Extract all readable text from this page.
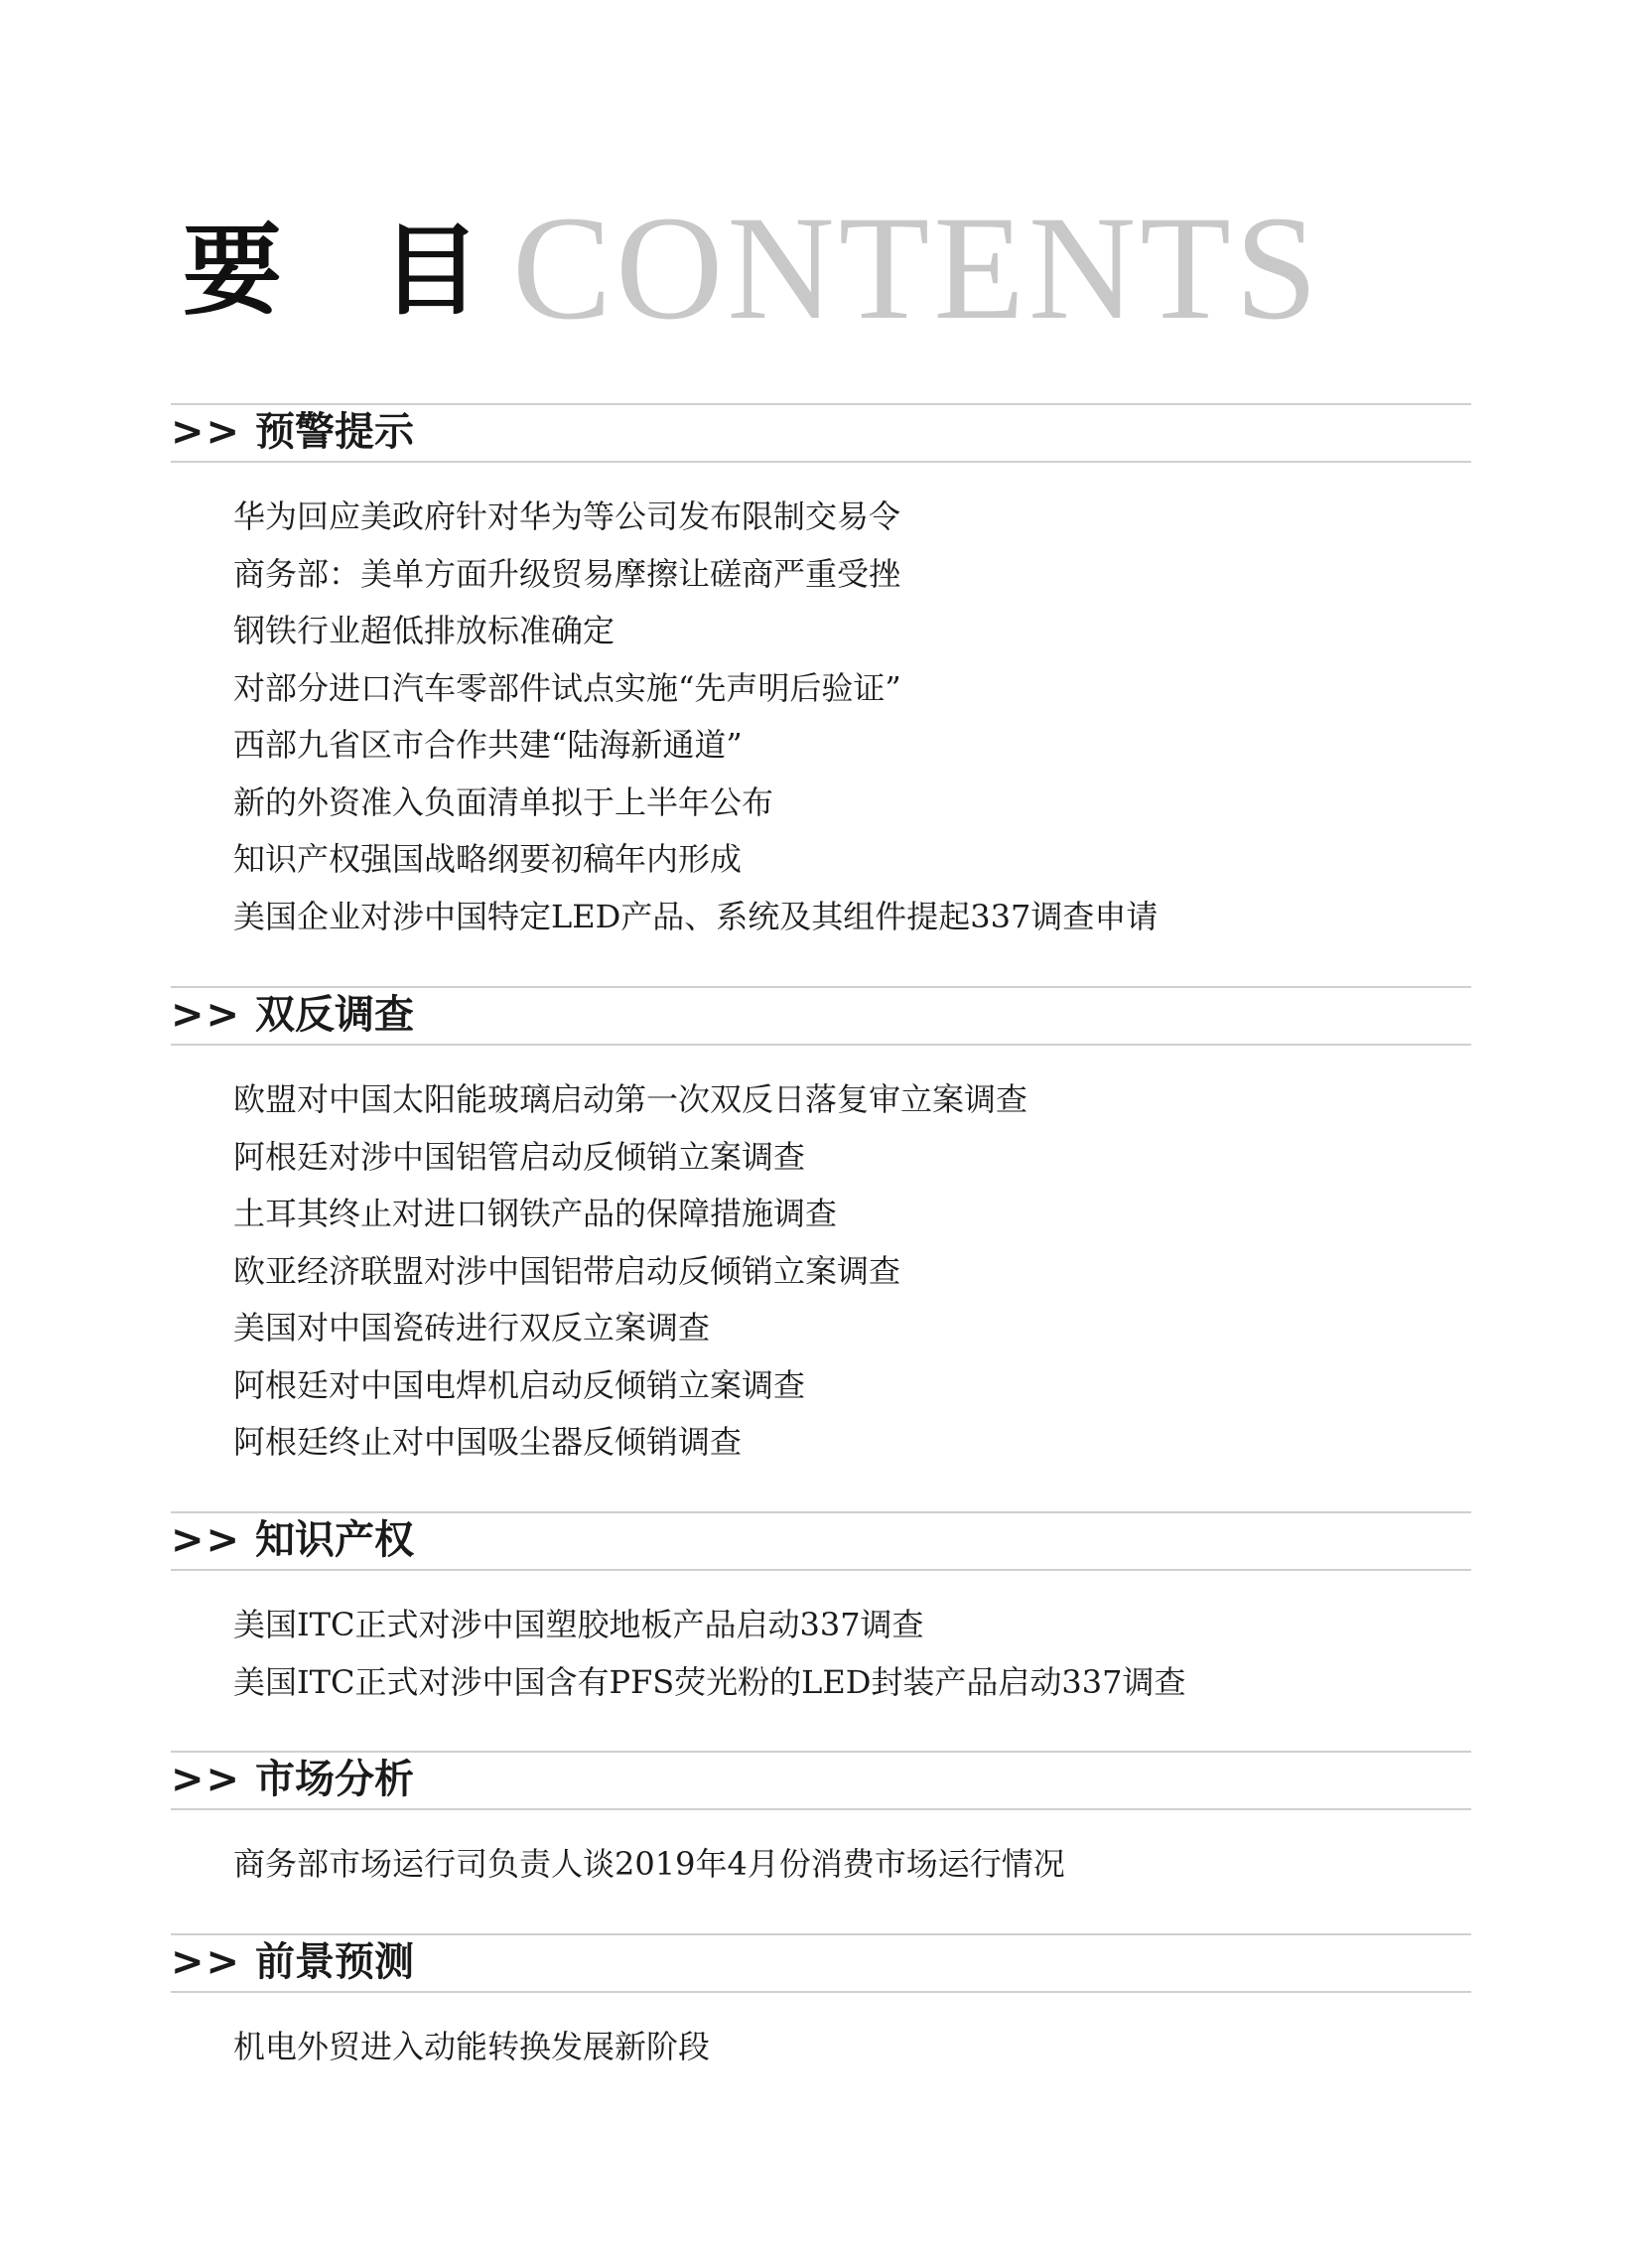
要目
CONTENTS
>> 预警提示
华为回应美政府针对华为等公司发布限制交易令
商务部：美单方面升级贸易摩擦让磋商严重受挫
钢铁行业超低排放标准确定
对部分进口汽车零部件试点实施“先声明后验证”
西部九省区市合作共建“陆海新通道”
新的外资准入负面清单拟于上半年公布
知识产权强国战略纲要初稿年内形成
美国企业对涉中国特定LED产品、系统及其组件提起337调查申请
>> 双反调查
欧盟对中国太阳能玻璃启动第一次双反日落复审立案调查
阿根廷对涉中国铝管启动反倾销立案调查
土耳其终止对进口钢铁产品的保障措施调查
欧亚经济联盟对涉中国铝带启动反倾销立案调查
美国对中国瓷砖进行双反立案调查
阿根廷对中国电焊机启动反倾销立案调查
阿根廷终止对中国吸尘器反倾销调查
>> 知识产权
美国ITC正式对涉中国塑胶地板产品启动337调查
美国ITC正式对涉中国含有PFS荧光粉的LED封装产品启动337调查
>> 市场分析
商务部市场运行司负责人谈2019年4月份消费市场运行情况
>> 前景预测
机电外贸进入动能转换发展新阶段
